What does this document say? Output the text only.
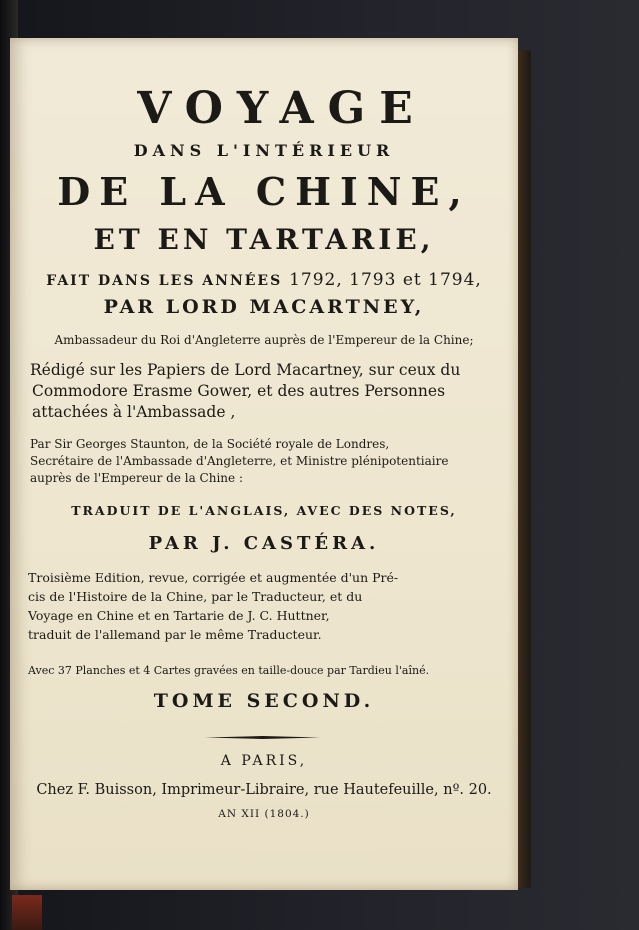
VOYAGE

DANS L'INTÉRIEUR

DE LA CHINE,

ET EN TARTARIE,

FAIT DANS LES ANNÉES 1792, 1793 et 1794,

PAR LORD MACARTNEY,

Ambassadeur du Roi d'Angleterre auprès de l'Empereur de la Chine;

Rédigé sur les Papiers de Lord Macartney, sur ceux du
Commodore Erasme Gower, et des autres Personnes
attachées à l'Ambassade ,
Par Sir Georges Staunton, de la Société royale de Londres,
Secrétaire de l'Ambassade d'Angleterre, et Ministre plénipotentiaire
auprès de l'Empereur de la Chine :

TRADUIT DE L'ANGLAIS, AVEC DES NOTES,

PAR J. CASTÉRA.

Troisième Edition, revue, corrigée et augmentée d'un Pré-
cis de l'Histoire de la Chine, par le Traducteur, et du
Voyage en Chine et en Tartarie de J. C. Huttner,
traduit de l'allemand par le même Traducteur.

Avec 37 Planches et 4 Cartes gravées en taille-douce par Tardieu l'aîné.

TOME SECOND.

A PARIS,

Chez F. Buisson, Imprimeur-Libraire, rue Hautefeuille, nº. 20.

AN XII (1804.)
